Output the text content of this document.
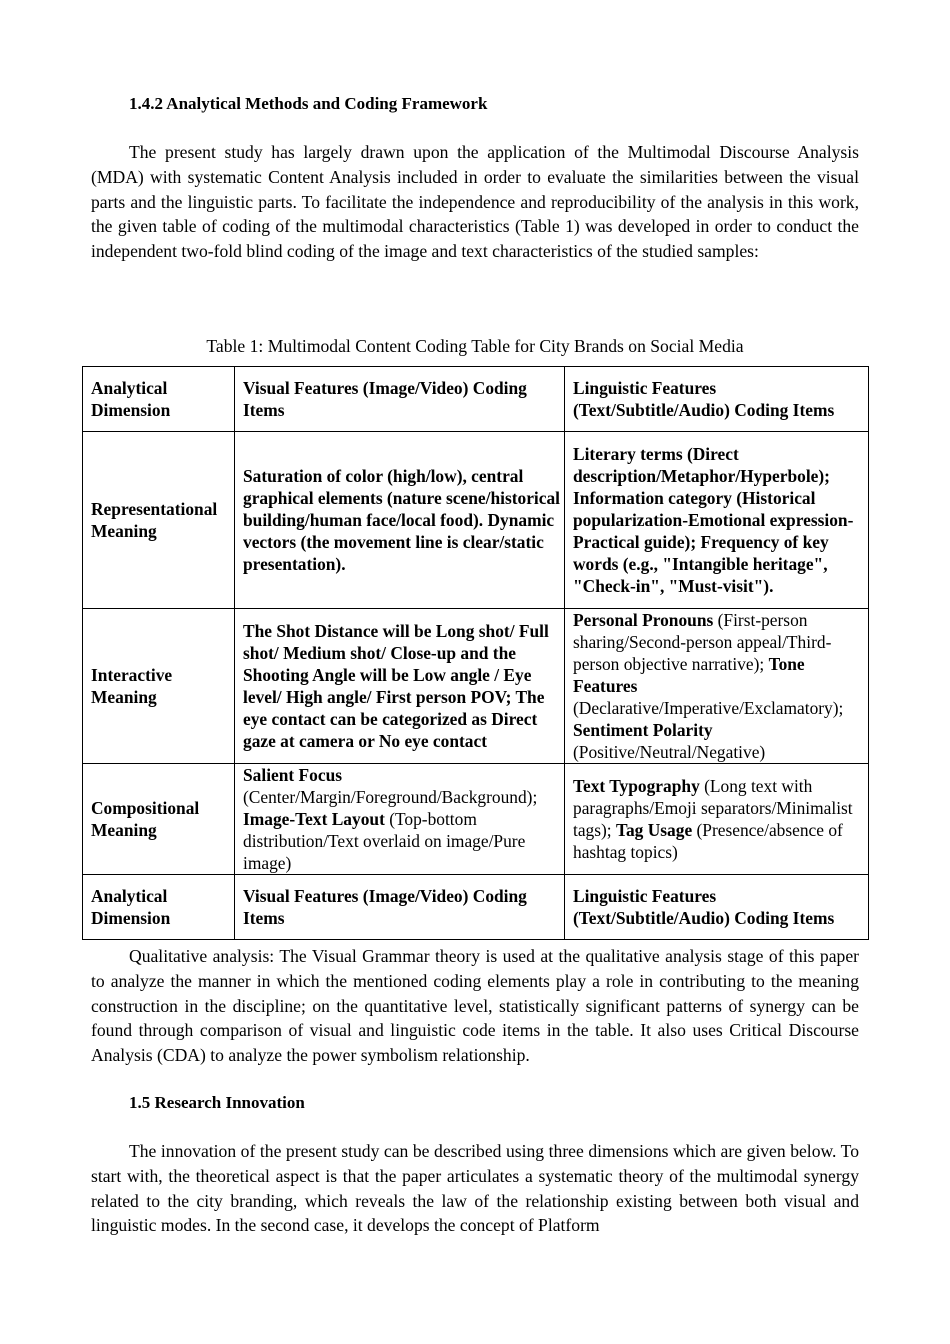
1.4.2 Analytical Methods and Coding Framework

The present study has largely drawn upon the application of the Multimodal Discourse Analysis (MDA) with systematic Content Analysis included in order to evaluate the similarities between the visual parts and the linguistic parts. To facilitate the independence and reproducibility of the analysis in this work, the given table of coding of the multimodal characteristics (Table 1) was developed in order to conduct the independent two-fold blind coding of the image and text characteristics of the studied samples:

Table 1: Multimodal Content Coding Table for City Brands on Social Media
Analytical Dimension	Visual Features (Image/Video) Coding Items	Linguistic Features (Text/Subtitle/Audio) Coding Items
Representational Meaning	Saturation of color (high/low), central graphical elements (nature scene/historical building/human face/local food). Dynamic vectors (the movement line is clear/static presentation).	Literary terms (Direct description/Metaphor/Hyperbole); Information category (Historical popularization-Emotional expression-Practical guide); Frequency of key words (e.g., "Intangible heritage", "Check-in", "Must-visit").
Interactive Meaning	The Shot Distance will be Long shot/ Full shot/ Medium shot/ Close-up and the Shooting Angle will be Low angle / Eye level/ High angle/ First person POV; The eye contact can be categorized as Direct gaze at camera or No eye contact	Personal Pronouns (First-person sharing/Second-person appeal/Third-person objective narrative); Tone Features (Declarative/Imperative/Exclamatory); Sentiment Polarity (Positive/Neutral/Negative)
Compositional Meaning	Salient Focus (Center/Margin/Foreground/Background); Image-Text Layout (Top-bottom distribution/Text overlaid on image/Pure image)	Text Typography (Long text with paragraphs/Emoji separators/Minimalist tags); Tag Usage (Presence/absence of hashtag topics)
Analytical Dimension	Visual Features (Image/Video) Coding Items	Linguistic Features (Text/Subtitle/Audio) Coding Items

Qualitative analysis: The Visual Grammar theory is used at the qualitative analysis stage of this paper to analyze the manner in which the mentioned coding elements play a role in contributing to the meaning construction in the discipline; on the quantitative level, statistically significant patterns of synergy can be found through comparison of visual and linguistic code items in the table. It also uses Critical Discourse Analysis (CDA) to analyze the power symbolism relationship.

1.5 Research Innovation

The innovation of the present study can be described using three dimensions which are given below. To start with, the theoretical aspect is that the paper articulates a systematic theory of the multimodal synergy related to the city branding, which reveals the law of the relationship existing between both visual and linguistic modes. In the second case, it develops the concept of Platform
